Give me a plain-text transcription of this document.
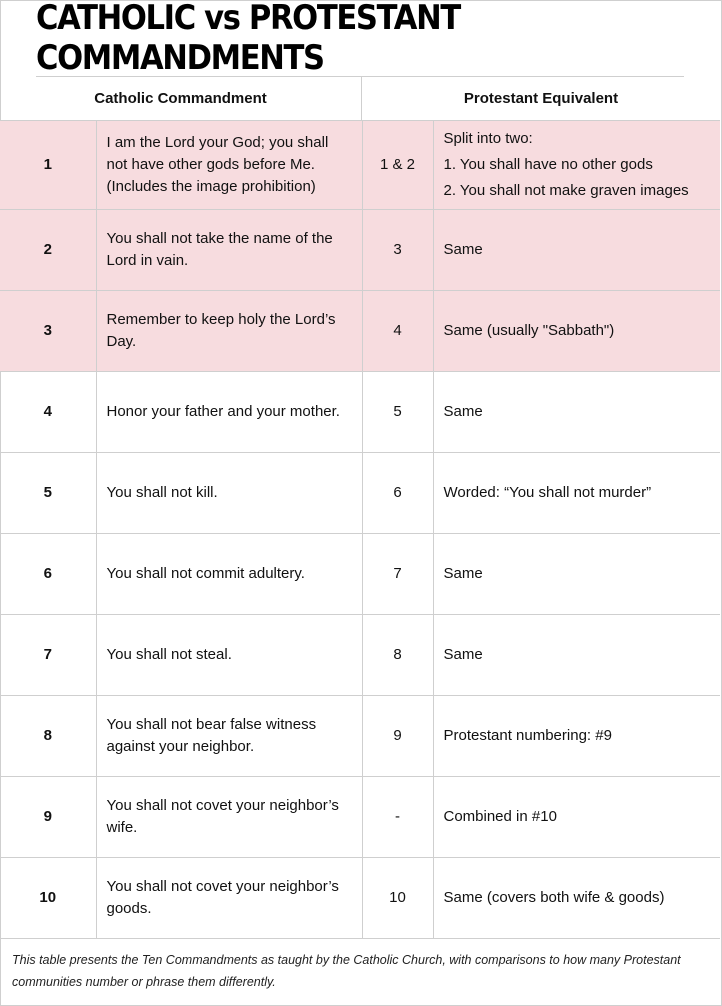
CATHOLIC vs PROTESTANT COMMANDMENTS
Catholic Commandment	Protestant Equivalent
1	I am the Lord your God; you shall not have other gods before Me. (Includes the image prohibition)	1 & 2	Split into two:
1. You shall have no other gods
2. You shall not make graven images

2	You shall not take the name of the Lord in vain.	3	Same
3	Remember to keep holy the Lord’s Day.	4	Same (usually "Sabbath")
4	Honor your father and your mother.	5	Same
5	You shall not kill.	6	Worded: “You shall not murder”
6	You shall not commit adultery.	7	Same
7	You shall not steal.	8	Same
8	You shall not bear false witness against your neighbor.	9	Protestant numbering: #9
9	You shall not covet your neighbor’s wife.	-	Combined in #10
10	You shall not covet your neighbor’s goods.	10	Same (covers both wife & goods)
This table presents the Ten Commandments as taught by the Catholic Church, with comparisons to how many Protestant communities number or phrase them differently.
